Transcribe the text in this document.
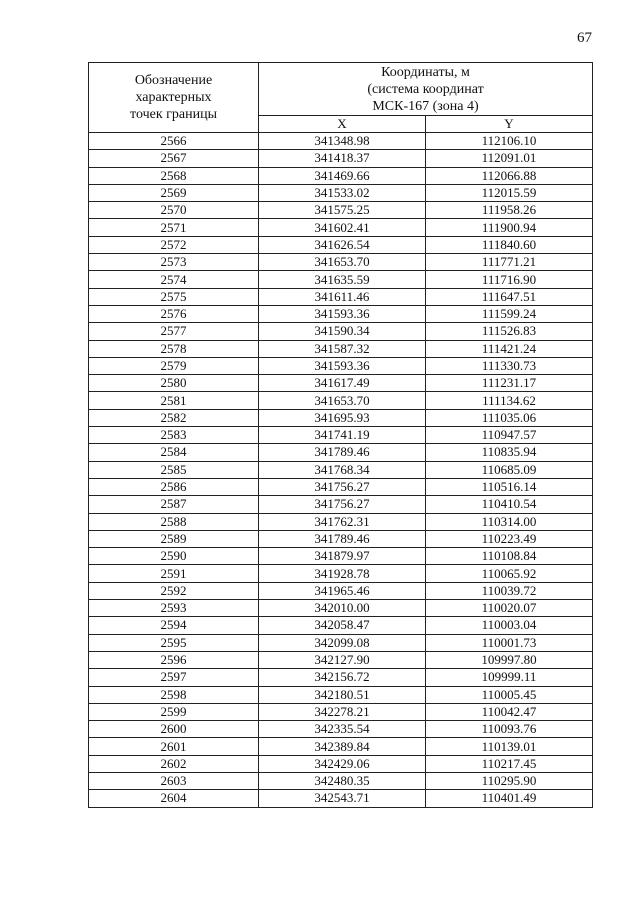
67
Обозначение
характерных
точек границы	Координаты, м
(система координат
МСК-167 (зона 4)	
	X	Y
2566	341348.98	112106.10
2567	341418.37	112091.01
2568	341469.66	112066.88
2569	341533.02	112015.59
2570	341575.25	111958.26
2571	341602.41	111900.94
2572	341626.54	111840.60
2573	341653.70	111771.21
2574	341635.59	111716.90
2575	341611.46	111647.51
2576	341593.36	111599.24
2577	341590.34	111526.83
2578	341587.32	111421.24
2579	341593.36	111330.73
2580	341617.49	111231.17
2581	341653.70	111134.62
2582	341695.93	111035.06
2583	341741.19	110947.57
2584	341789.46	110835.94
2585	341768.34	110685.09
2586	341756.27	110516.14
2587	341756.27	110410.54
2588	341762.31	110314.00
2589	341789.46	110223.49
2590	341879.97	110108.84
2591	341928.78	110065.92
2592	341965.46	110039.72
2593	342010.00	110020.07
2594	342058.47	110003.04
2595	342099.08	110001.73
2596	342127.90	109997.80
2597	342156.72	109999.11
2598	342180.51	110005.45
2599	342278.21	110042.47
2600	342335.54	110093.76
2601	342389.84	110139.01
2602	342429.06	110217.45
2603	342480.35	110295.90
2604	342543.71	110401.49
